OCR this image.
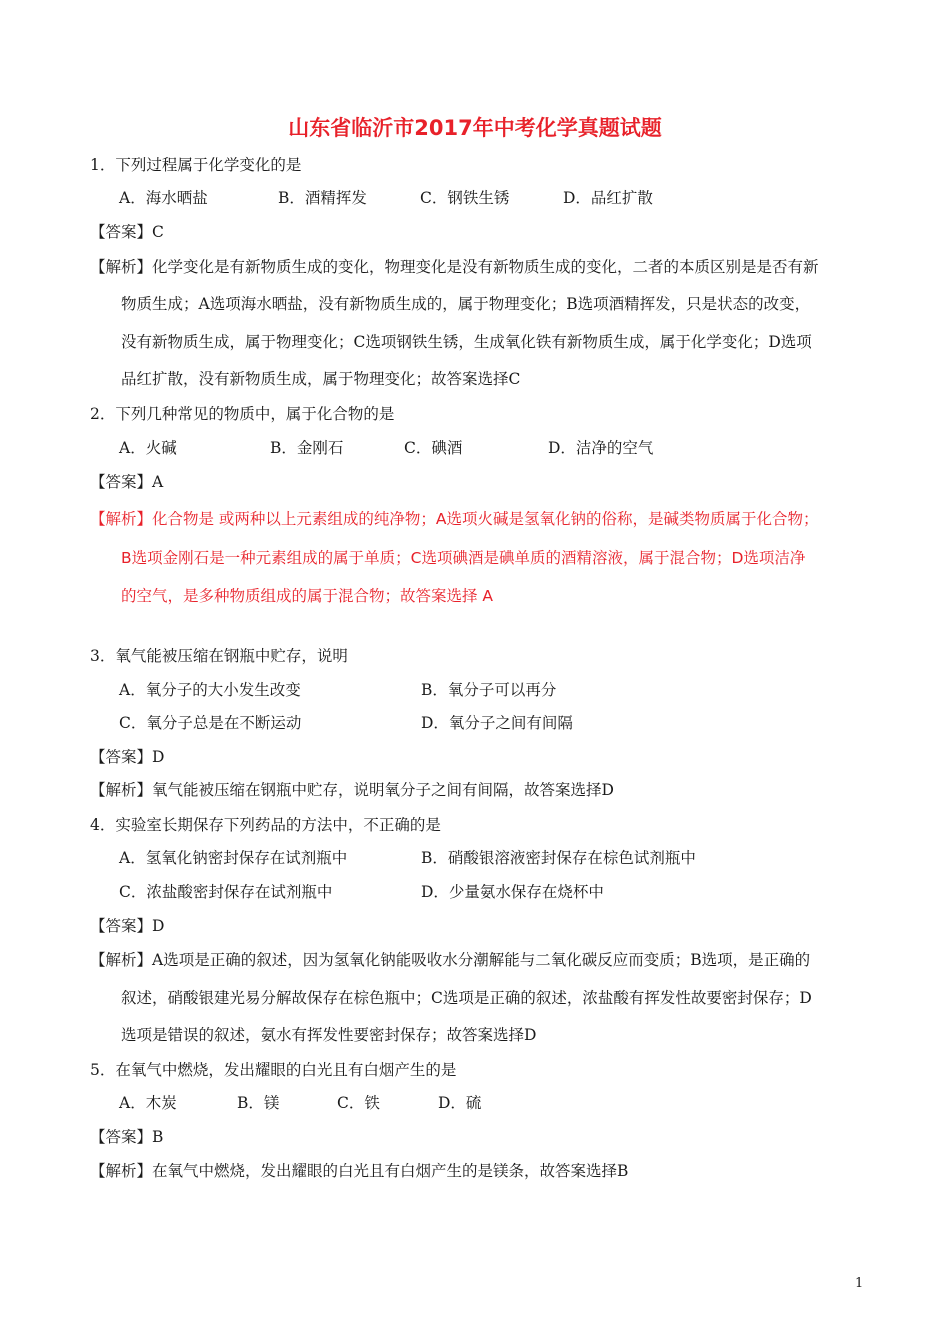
山东省临沂市2017年中考化学真题试题
1．下列过程属于化学变化的是
A．海水晒盐	B．酒精挥发	C．钢铁生锈	D．品红扩散
【答案】C
【解析】化学变化是有新物质生成的变化，物理变化是没有新物质生成的变化，二者的本质区别是是否有新
物质生成；A选项海水晒盐，没有新物质生成的，属于物理变化；B选项酒精挥发，只是状态的改变，
没有新物质生成，属于物理变化；C选项钢铁生锈，生成氧化铁有新物质生成，属于化学变化；D选项
品红扩散，没有新物质生成，属于物理变化；故答案选择C
2．下列几种常见的物质中，属于化合物的是
A．火碱	B．金刚石	C．碘酒	D．洁净的空气
【答案】A
【解析】化合物是 或两种以上元素组成的纯净物；A选项火碱是氢氧化钠的俗称，是碱类物质属于化合物；
B选项金刚石是一种元素组成的属于单质；C选项碘酒是碘单质的酒精溶液，属于混合物；D选项洁净
的空气，是多种物质组成的属于混合物；故答案选择 A
3．氧气能被压缩在钢瓶中贮存，说明
A．氧分子的大小发生改变	B．氧分子可以再分
C．氧分子总是在不断运动	D．氧分子之间有间隔
【答案】D
【解析】氧气能被压缩在钢瓶中贮存，说明氧分子之间有间隔，故答案选择D
4．实验室长期保存下列药品的方法中，不正确的是
A．氢氧化钠密封保存在试剂瓶中	B．硝酸银溶液密封保存在棕色试剂瓶中
C．浓盐酸密封保存在试剂瓶中	D．少量氨水保存在烧杯中
【答案】D
【解析】A选项是正确的叙述，因为氢氧化钠能吸收水分潮解能与二氧化碳反应而变质；B选项，是正确的
叙述，硝酸银建光易分解故保存在棕色瓶中；C选项是正确的叙述，浓盐酸有挥发性故要密封保存；D
选项是错误的叙述，氨水有挥发性要密封保存；故答案选择D
5．在氧气中燃烧，发出耀眼的白光且有白烟产生的是
A．木炭	B．镁	C．铁	D．硫
【答案】B
【解析】在氧气中燃烧，发出耀眼的白光且有白烟产生的是镁条，故答案选择B
1
